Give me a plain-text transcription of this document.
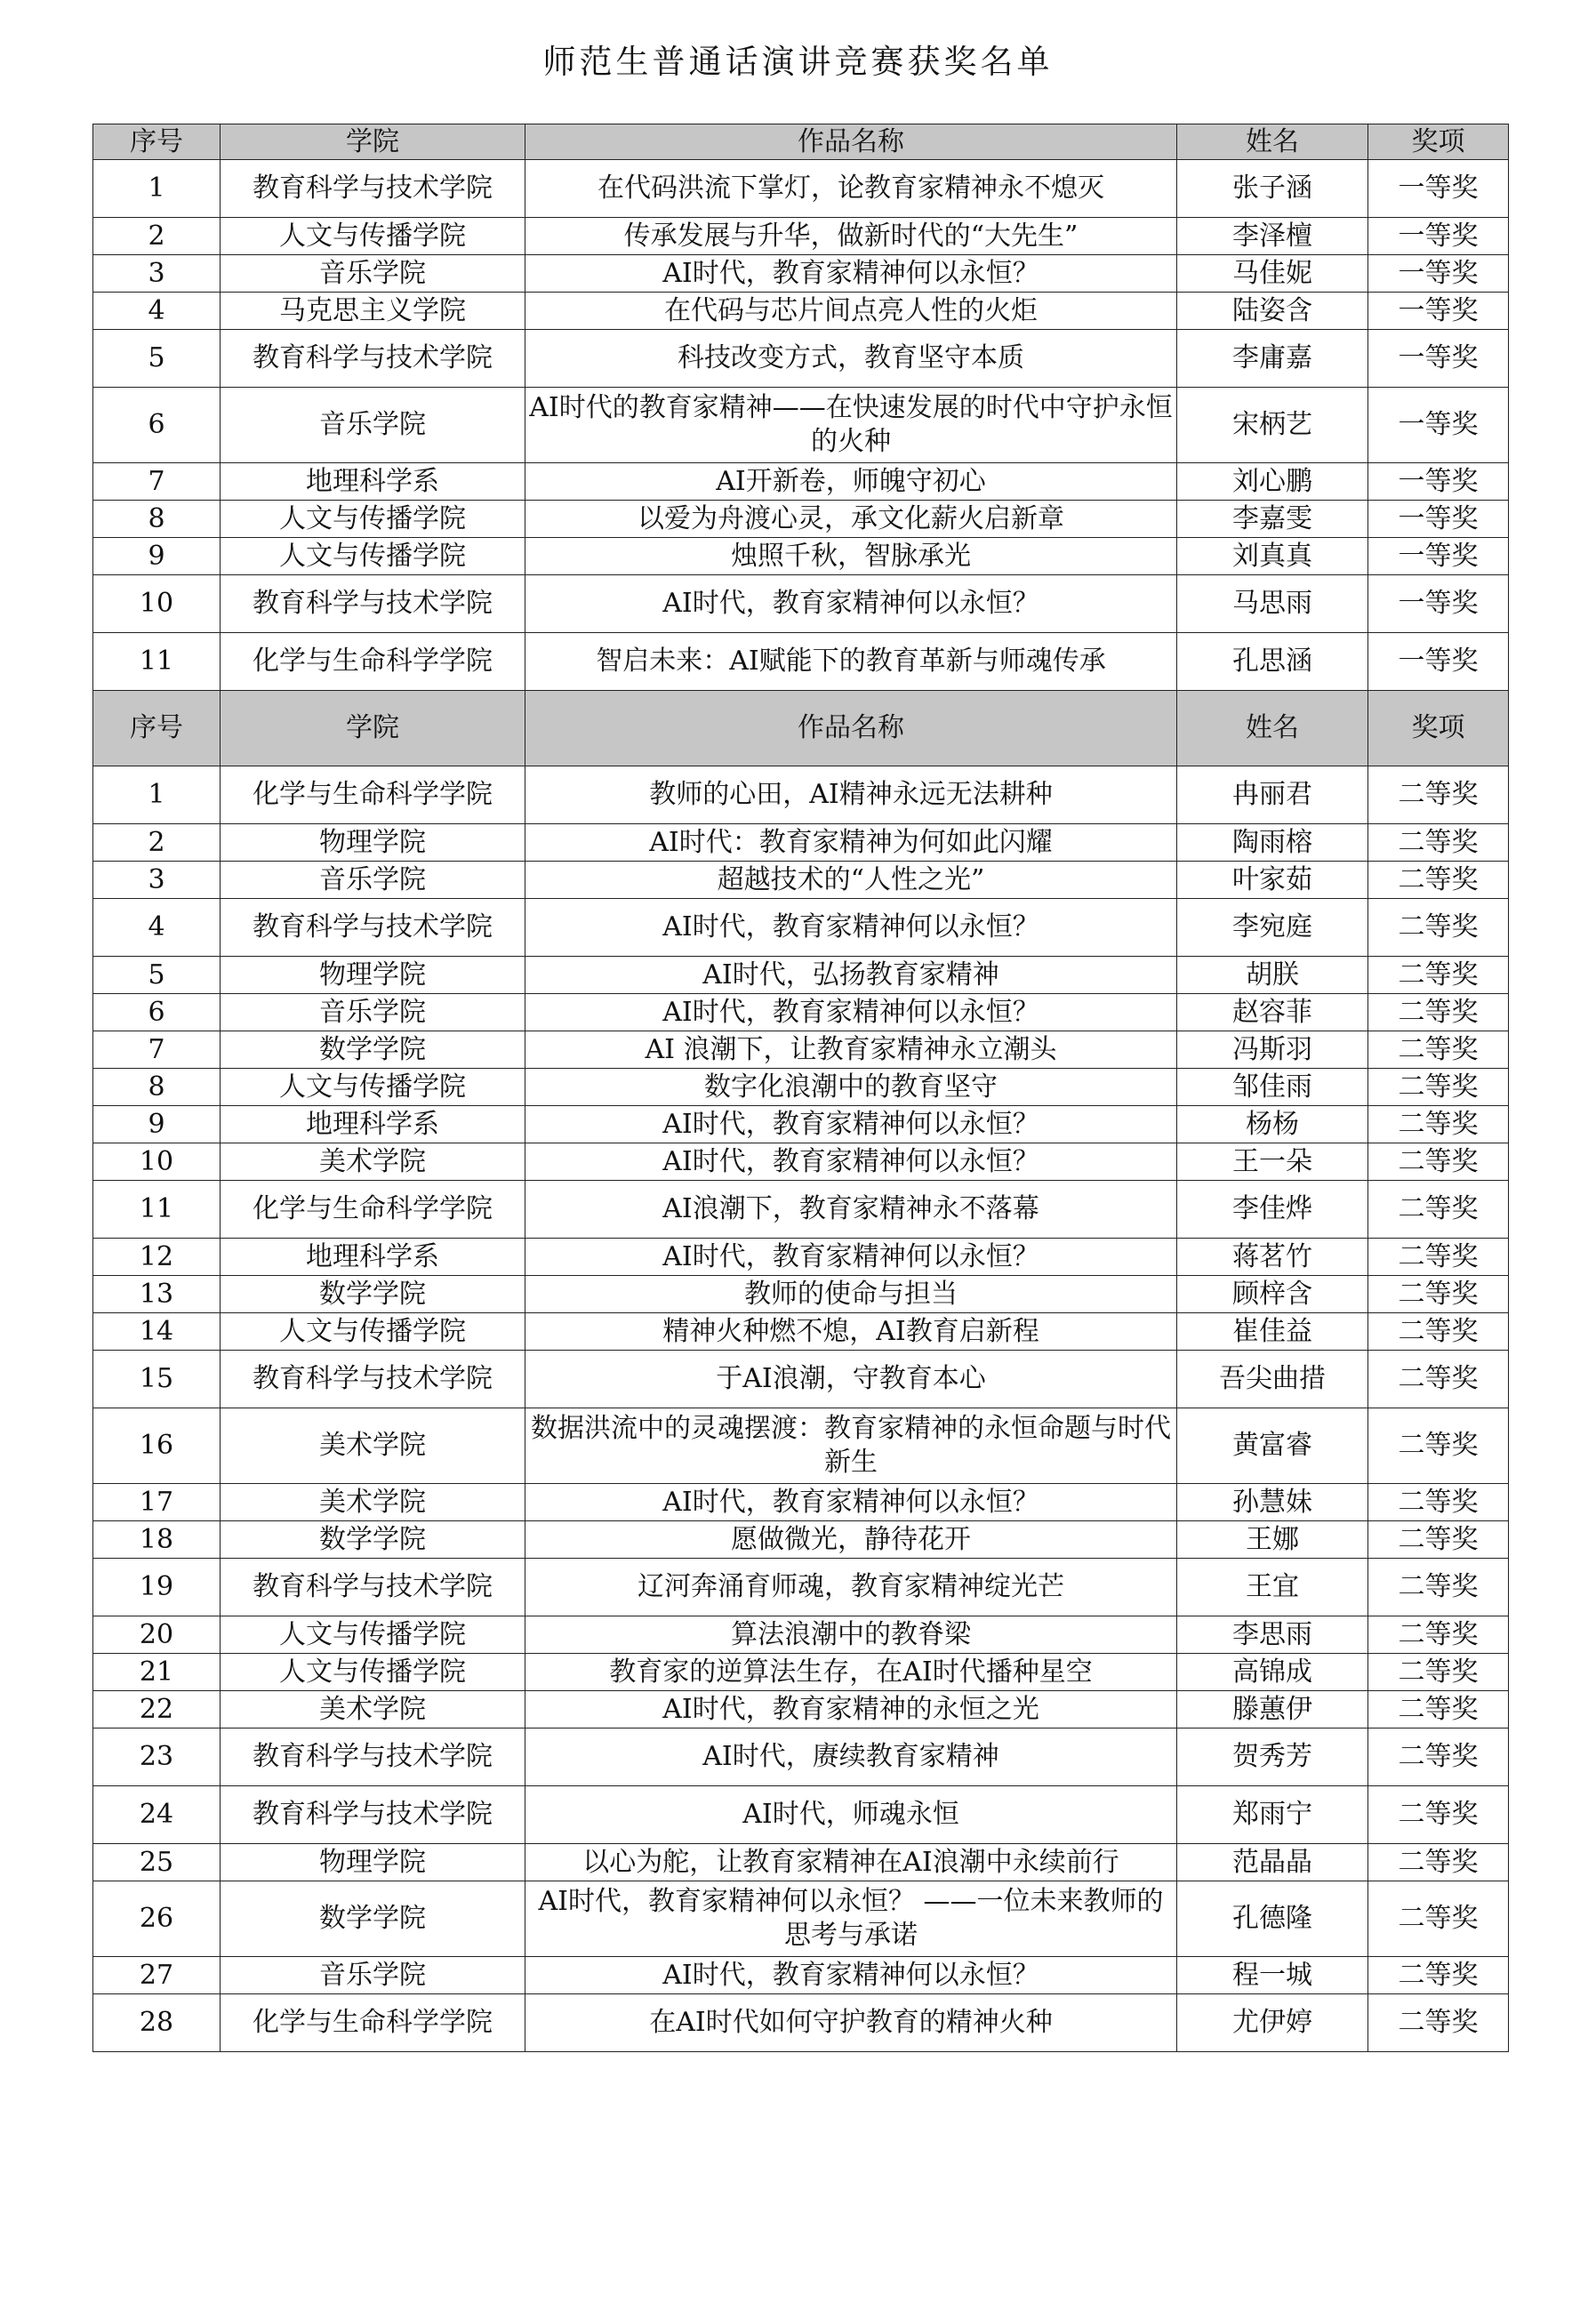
师范生普通话演讲竞赛获奖名单
序号	学院	作品名称	姓名	奖项
1	教育科学与技术学院	在代码洪流下掌灯，论教育家精神永不熄灭	张子涵	一等奖
2	人文与传播学院	传承发展与升华，做新时代的“大先生”	李泽檀	一等奖
3	音乐学院	AI时代，教育家精神何以永恒？	马佳妮	一等奖
4	马克思主义学院	在代码与芯片间点亮人性的火炬	陆姿含	一等奖
5	教育科学与技术学院	科技改变方式，教育坚守本质	李庸嘉	一等奖
6	音乐学院	AI时代的教育家精神——在快速发展的时代中守护永恒的火种	宋柄艺	一等奖
7	地理科学系	AI开新卷，师魄守初心	刘心鹏	一等奖
8	人文与传播学院	以爱为舟渡心灵，承文化薪火启新章	李嘉雯	一等奖
9	人文与传播学院	烛照千秋，智脉承光	刘真真	一等奖
10	教育科学与技术学院	AI时代，教育家精神何以永恒？	马思雨	一等奖
11	化学与生命科学学院	智启未来：AI赋能下的教育革新与师魂传承	孔思涵	一等奖
序号	学院	作品名称	姓名	奖项
1	化学与生命科学学院	教师的心田，AI精神永远无法耕种	冉丽君	二等奖
2	物理学院	AI时代：教育家精神为何如此闪耀	陶雨榕	二等奖
3	音乐学院	超越技术的“人性之光”	叶家茹	二等奖
4	教育科学与技术学院	AI时代，教育家精神何以永恒？	李宛庭	二等奖
5	物理学院	AI时代，弘扬教育家精神	胡朕	二等奖
6	音乐学院	AI时代，教育家精神何以永恒？	赵容菲	二等奖
7	数学学院	AI 浪潮下，让教育家精神永立潮头	冯斯羽	二等奖
8	人文与传播学院	数字化浪潮中的教育坚守	邹佳雨	二等奖
9	地理科学系	AI时代，教育家精神何以永恒？	杨杨	二等奖
10	美术学院	AI时代，教育家精神何以永恒？	王一朵	二等奖
11	化学与生命科学学院	AI浪潮下，教育家精神永不落幕	李佳烨	二等奖
12	地理科学系	AI时代，教育家精神何以永恒？	蒋茗竹	二等奖
13	数学学院	教师的使命与担当	顾梓含	二等奖
14	人文与传播学院	精神火种燃不熄，AI教育启新程	崔佳益	二等奖
15	教育科学与技术学院	于AI浪潮，守教育本心	吾尖曲措	二等奖
16	美术学院	数据洪流中的灵魂摆渡：教育家精神的永恒命题与时代新生	黄富睿	二等奖
17	美术学院	AI时代，教育家精神何以永恒？	孙慧妹	二等奖
18	数学学院	愿做微光，静待花开	王娜	二等奖
19	教育科学与技术学院	辽河奔涌育师魂，教育家精神绽光芒	王宜	二等奖
20	人文与传播学院	算法浪潮中的教脊梁	李思雨	二等奖
21	人文与传播学院	教育家的逆算法生存，在AI时代播种星空	高锦成	二等奖
22	美术学院	AI时代，教育家精神的永恒之光	滕蕙伊	二等奖
23	教育科学与技术学院	AI时代，赓续教育家精神	贺秀芳	二等奖
24	教育科学与技术学院	AI时代，师魂永恒	郑雨宁	二等奖
25	物理学院	以心为舵，让教育家精神在AI浪潮中永续前行	范晶晶	二等奖
26	数学学院	AI时代，教育家精神何以永恒？ ——一位未来教师的思考与承诺	孔德隆	二等奖
27	音乐学院	AI时代，教育家精神何以永恒？	程一城	二等奖
28	化学与生命科学学院	在AI时代如何守护教育的精神火种	尤伊婷	二等奖
